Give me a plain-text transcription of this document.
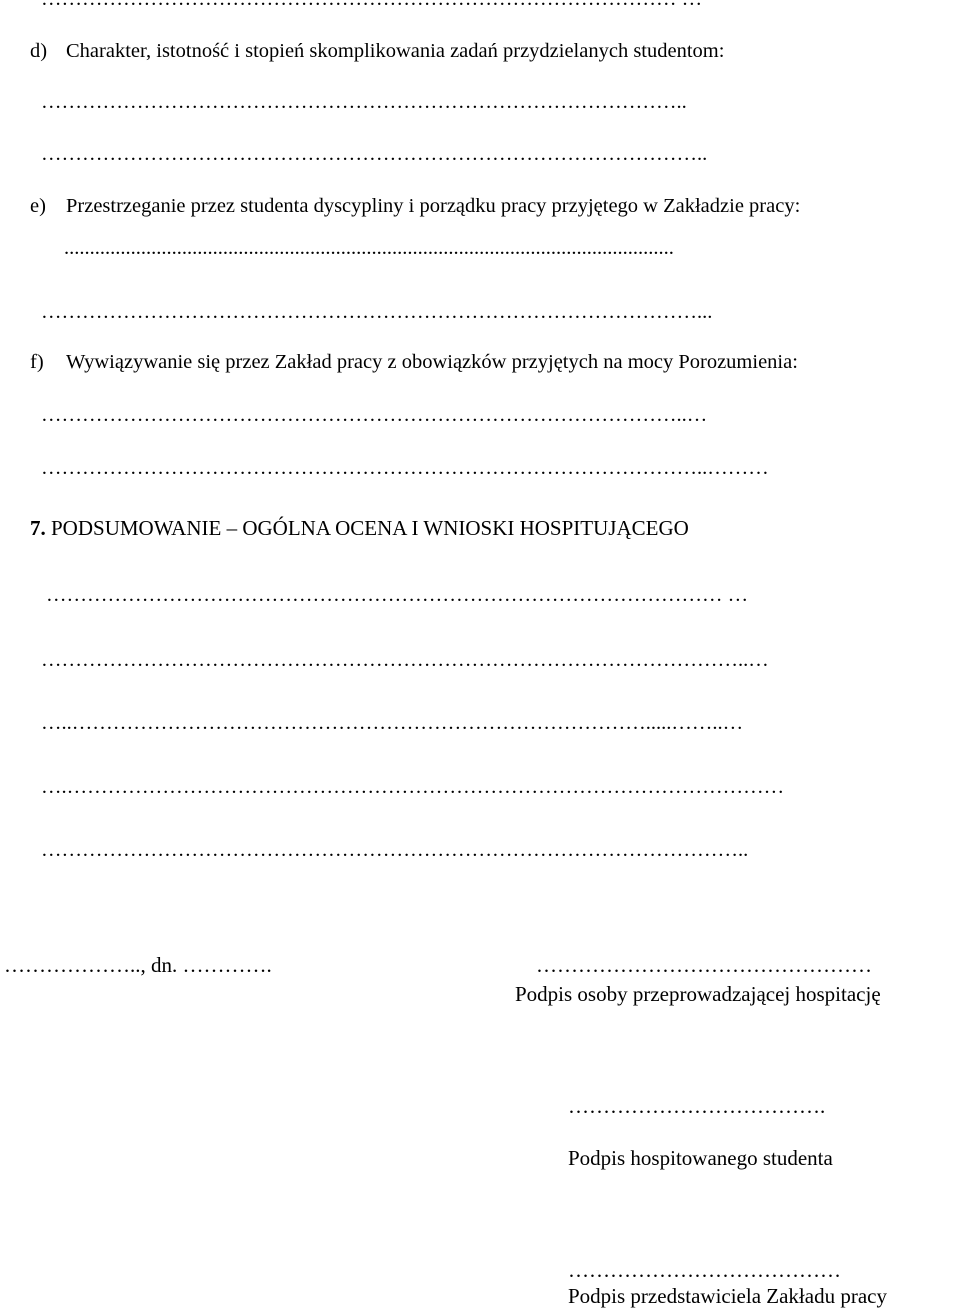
d) Charakter, istotność i stopień skomplikowania zadań przydzielanych studentom:
…………………………………………………………………………………..
……………………………………………………………………………………..
e) Przestrzeganie przez studenta dyscypliny i porządku pracy przyjętego w Zakładzie pracy:
.......................................................................................................................
……………………………………………………………………………………...
f) Wywiązywanie się przez Zakład pracy z obowiązków przyjętych na mocy Porozumienia:
…………………………………………………………………………………..…
……………………………………………………………………………………..………
7. PODSUMOWANIE – OGÓLNA OCENA I WNIOSKI HOSPITUJĄCEGO
……………………………………………………………………………………… …
…………………………………………………………………………………………..…
…..………………………………………………………………………….....……..…
….……………………………………………………………………………………………
…………………………………………………………………………………………..
……………….., dn. ………….	…………………………………………
Podpis osoby przeprowadzającej hospitację
……………………………….
Podpis hospitowanego studenta
…………………………………
Podpis przedstawiciela Zakładu pracy
